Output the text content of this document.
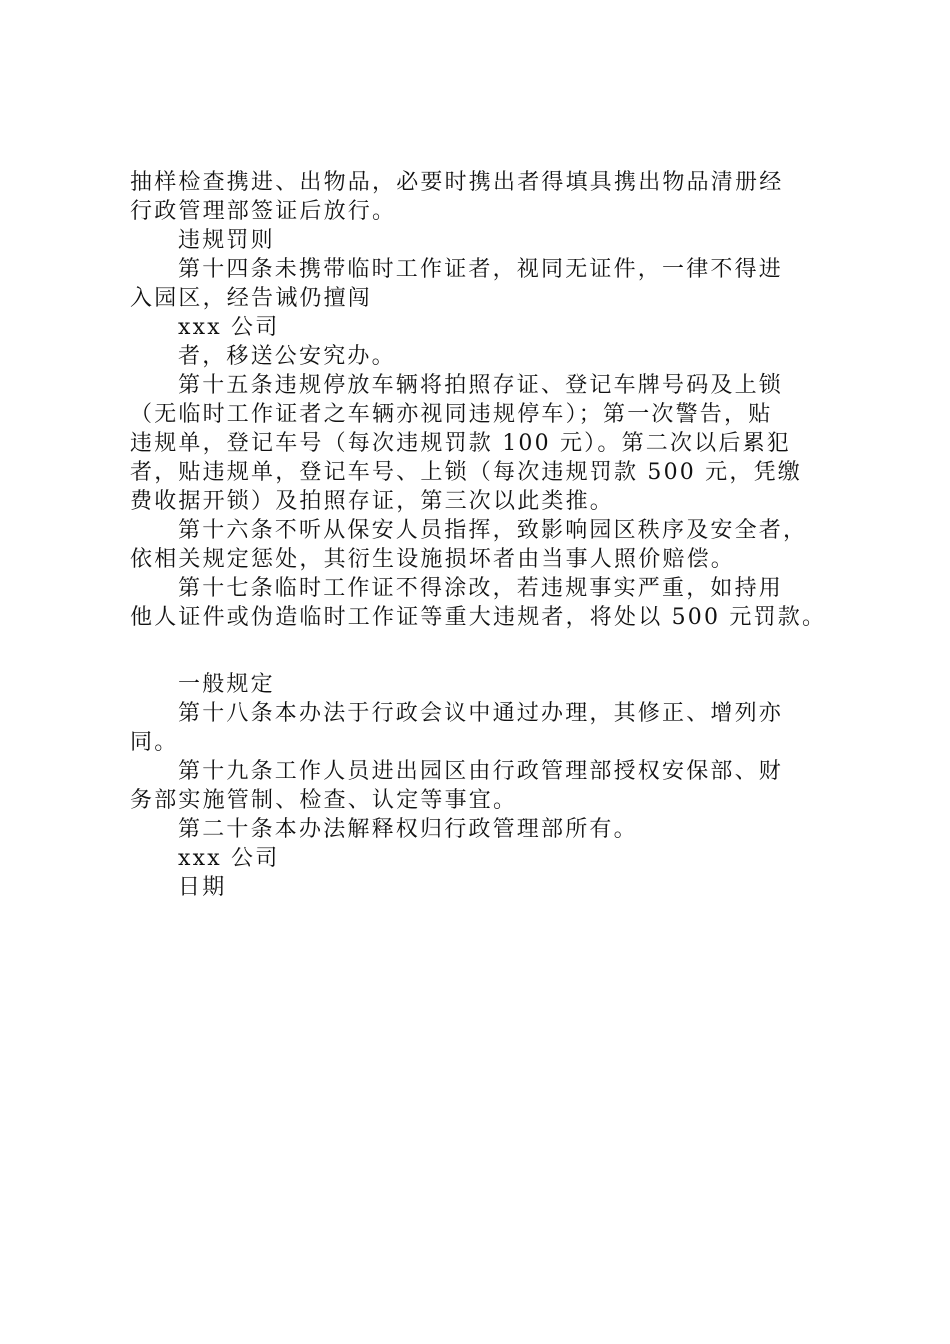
抽样检查携进、出物品，必要时携出者得填具携出物品清册经
行政管理部签证后放行。
违规罚则
第十四条未携带临时工作证者，视同无证件，一律不得进
入园区，经告诫仍擅闯
xxx 公司
者，移送公安究办。
第十五条违规停放车辆将拍照存证、登记车牌号码及上锁
（无临时工作证者之车辆亦视同违规停车）；第一次警告，贴
违规单，登记车号（每次违规罚款 100 元）。第二次以后累犯
者，贴违规单，登记车号、上锁（每次违规罚款 500 元，凭缴
费收据开锁）及拍照存证，第三次以此类推。
第十六条不听从保安人员指挥，致影响园区秩序及安全者，
依相关规定惩处，其衍生设施损坏者由当事人照价赔偿。
第十七条临时工作证不得涂改，若违规事实严重，如持用
他人证件或伪造临时工作证等重大违规者，将处以 500 元罚款。
一般规定
第十八条本办法于行政会议中通过办理，其修正、增列亦
同。
第十九条工作人员进出园区由行政管理部授权安保部、财
务部实施管制、检查、认定等事宜。
第二十条本办法解释权归行政管理部所有。
xxx 公司
日期
